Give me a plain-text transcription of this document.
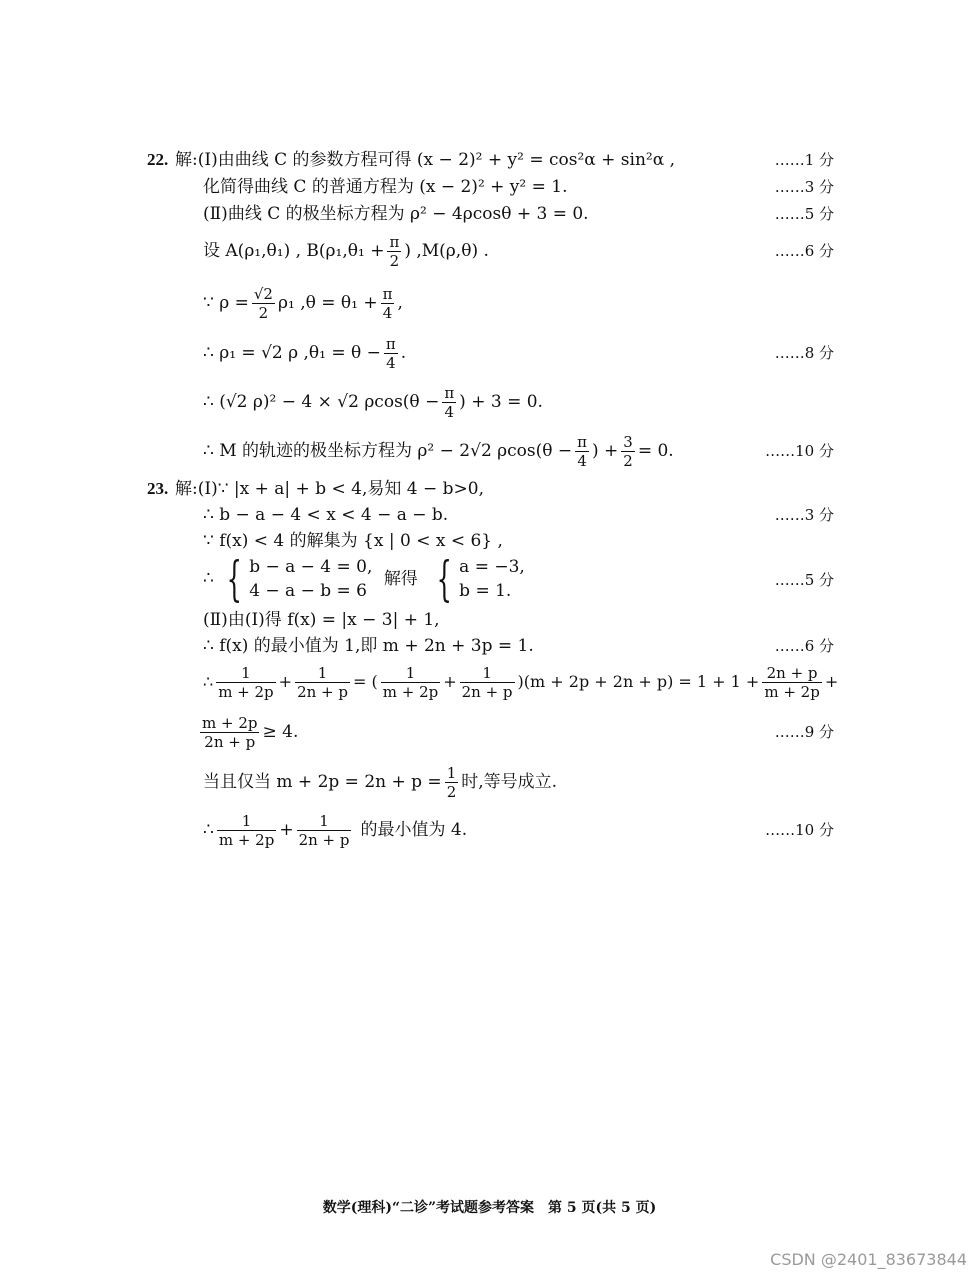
22. 解:(Ⅰ)由曲线 C 的参数方程可得 (x − 2)² + y² = cos²α + sin²α ,	……1 分
化简得曲线 C 的普通方程为 (x − 2)² + y² = 1.	……3 分
(Ⅱ)曲线 C 的极坐标方程为 ρ² − 4ρcosθ + 3 = 0.	……5 分
设 A(ρ₁,θ₁) , $B(\rho_1,\theta_1 + \frac{\pi}{2}$ ) ,M(ρ,θ) .	……6 分
∵ $\rho = \frac{√2}{2} \rho_1$ $,\theta = \theta_1 + \frac{\pi}{4}$ ,
∴ ρ₁ = √2 ρ $,\theta_1 = \theta - \frac{\pi}{4}$ .	……8 分
∴ (√2 ρ)² − 4 × √2 $\rho\cos(\theta - \frac{\pi}{4}$ ) + 3 = 0.
∴ M 的轨迹的极坐标方程为 ρ² − 2√2 $\rho\cos(\theta - \frac{\pi}{4}$ ) + $\frac{3}{2} = 0$.	……10 分
23. 解:(Ⅰ)∵ |x + a| + b < 4,易知 4 − b>0,
∴ b − a − 4 < x < 4 − a − b.	……3 分
∵ f(x) < 4 的解集为 {x | 0 < x < 6} ,
∴ { b − a − 4 = 0,
4 − a − b = 6
解得 { a = −3,
b = 1.
……5 分
(Ⅱ)由(Ⅰ)得 f(x) = |x − 3| + 1,
∴ f(x) 的最小值为 1,即 m + 2n + 3p = 1.	……6 分
∴ $\frac{1}{m + 2p} + \frac{1}{2n + p}$ = ( $\frac{1}{m + 2p} + \frac{1}{2n + p} )(m + 2p + 2n + p) = 1 + 1 + \frac{2n + p}{m + 2p}$ +
$\frac{m + 2p}{2n + p} \ge 4$.	……9 分
当且仅当 $m + 2p = 2n + p = \frac{1}{2}$ 时,等号成立.
∴ $\frac{1}{m + 2p} + \frac{1}{2n + p}$ 的最小值为 4.	……10 分
数学(理科)“二诊”考试题参考答案　第 5 页(共 5 页)
CSDN @2401_83673844
